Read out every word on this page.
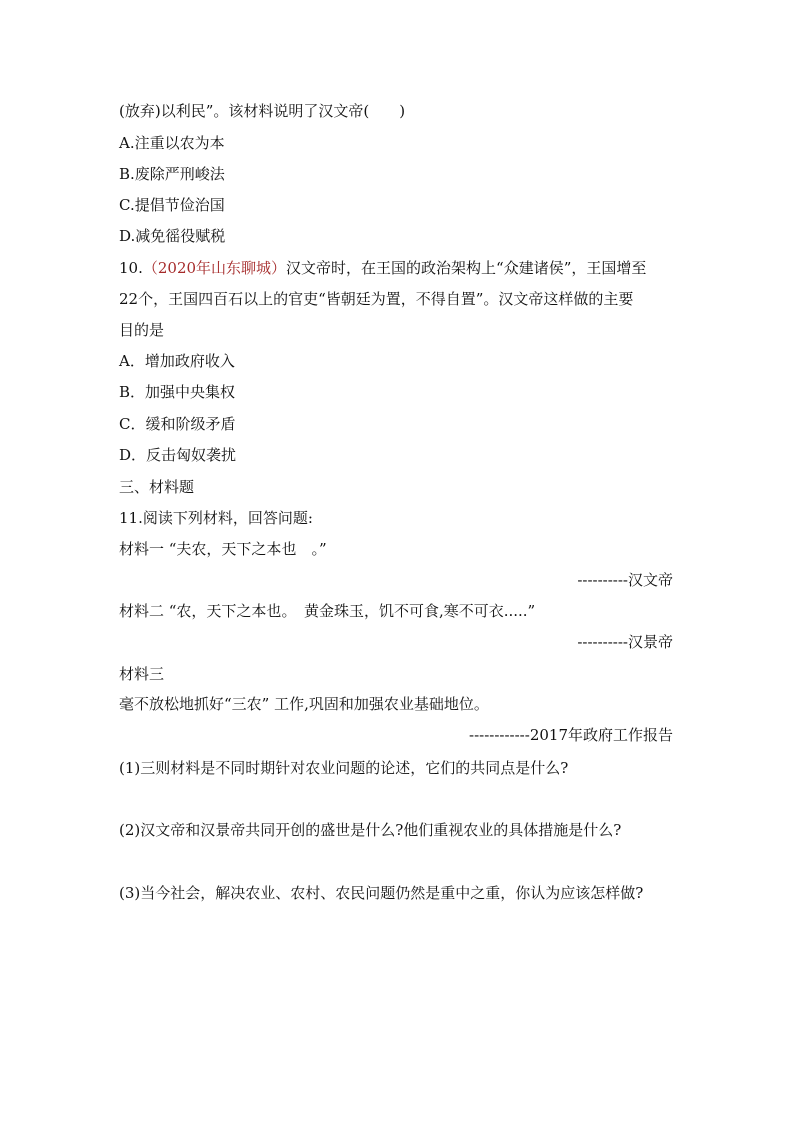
(放弃)以利民”。该材料说明了汉文帝(　　)
A.注重以农为本
B.废除严刑峻法
C.提倡节俭治国
D.减免徭役赋税
10.（2020年山东聊城）汉文帝时，在王国的政治架构上“众建诸侯”，王国增至
22个，王国四百石以上的官吏“皆朝廷为置，不得自置”。汉文帝这样做的主要
目的是
A．增加政府收入
B．加强中央集权
C．缓和阶级矛盾
D．反击匈奴袭扰
三、材料题
11.阅读下列材料，回答问题:
材料一 “夫农，天下之本也　。”
----------汉文帝
材料二 “农，天下之本也。　黄金珠玉，饥不可食,寒不可衣.....”
----------汉景帝
材料三
毫不放松地抓好“三农” 工作,巩固和加强农业基础地位。
------------2017年政府工作报告
(1)三则材料是不同时期针对农业问题的论述，它们的共同点是什么?
(2)汉文帝和汉景帝共同开创的盛世是什么?他们重视农业的具体措施是什么?
(3)当今社会，解决农业、农村、农民问题仍然是重中之重，你认为应该怎样做?
